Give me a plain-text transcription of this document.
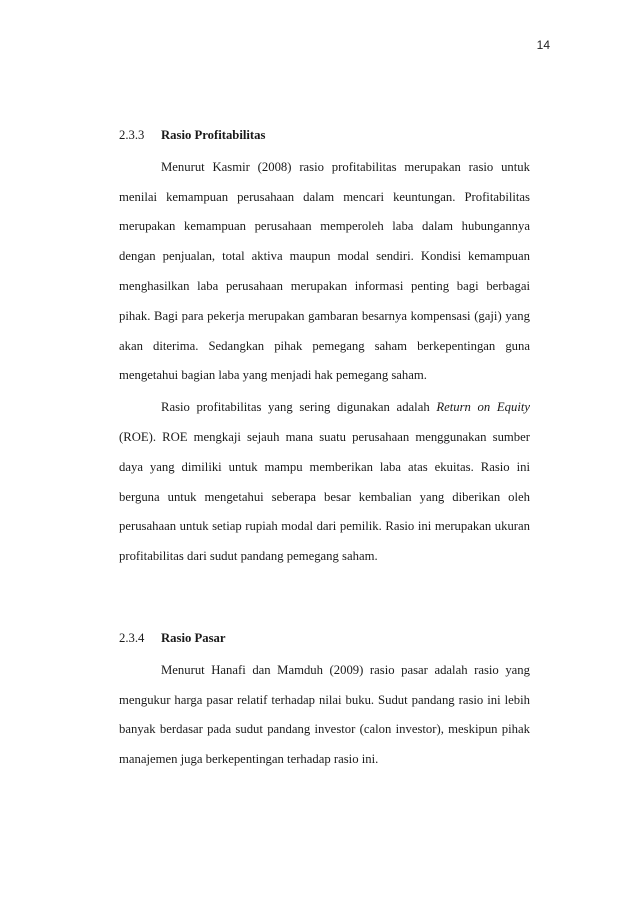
14

2.3.3 Rasio Profitabilitas

Menurut Kasmir (2008) rasio profitabilitas merupakan rasio untuk menilai kemampuan perusahaan dalam mencari keuntungan. Profitabilitas merupakan kemampuan perusahaan memperoleh laba dalam hubungannya dengan penjualan, total aktiva maupun modal sendiri. Kondisi kemampuan menghasilkan laba perusahaan merupakan informasi penting bagi berbagai pihak. Bagi para pekerja merupakan gambaran besarnya kompensasi (gaji) yang akan diterima. Sedangkan pihak pemegang saham berkepentingan guna mengetahui bagian laba yang menjadi hak pemegang saham.

Rasio profitabilitas yang sering digunakan adalah Return on Equity (ROE). ROE mengkaji sejauh mana suatu perusahaan menggunakan sumber daya yang dimiliki untuk mampu memberikan laba atas ekuitas. Rasio ini berguna untuk mengetahui seberapa besar kembalian yang diberikan oleh perusahaan untuk setiap rupiah modal dari pemilik. Rasio ini merupakan ukuran profitabilitas dari sudut pandang pemegang saham.

2.3.4 Rasio Pasar

Menurut Hanafi dan Mamduh (2009) rasio pasar adalah rasio yang mengukur harga pasar relatif terhadap nilai buku. Sudut pandang rasio ini lebih banyak berdasar pada sudut pandang investor (calon investor), meskipun pihak manajemen juga berkepentingan terhadap rasio ini.
